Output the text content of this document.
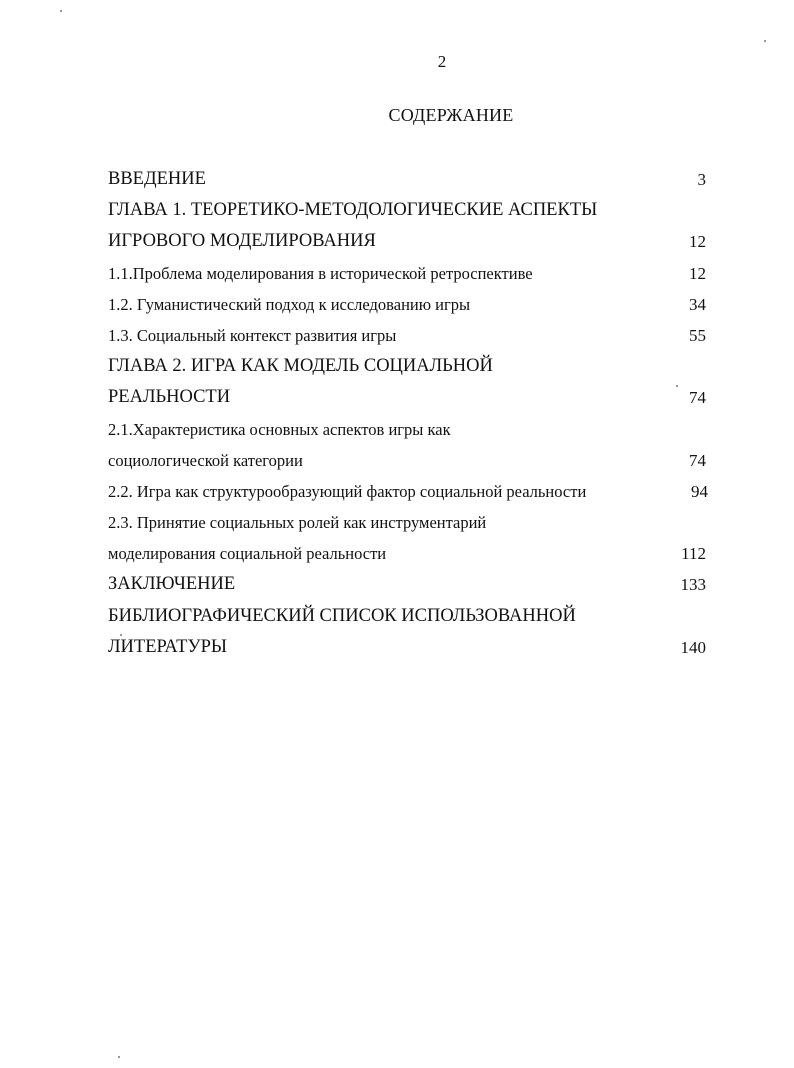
2
СОДЕРЖАНИЕ
ВВЕДЕНИЕ	3
ГЛАВА 1. ТЕОРЕТИКО-МЕТОДОЛОГИЧЕСКИЕ АСПЕКТЫ
ИГРОВОГО МОДЕЛИРОВАНИЯ	12
1.1.Проблема моделирования в исторической ретроспективе	12
1.2. Гуманистический подход к исследованию игры	34
1.3. Социальный контекст развития игры	55
ГЛАВА 2. ИГРА КАК МОДЕЛЬ СОЦИАЛЬНОЙ
РЕАЛЬНОСТИ	74
2.1.Характеристика основных аспектов игры как
социологической категории	74
2.2. Игра как структурообразующий фактор социальной реальности	94
2.3. Принятие социальных ролей как инструментарий
моделирования социальной реальности	112
ЗАКЛЮЧЕНИЕ	133
БИБЛИОГРАФИЧЕСКИЙ СПИСОК ИСПОЛЬЗОВАННОЙ
ЛИТЕРАТУРЫ	140
